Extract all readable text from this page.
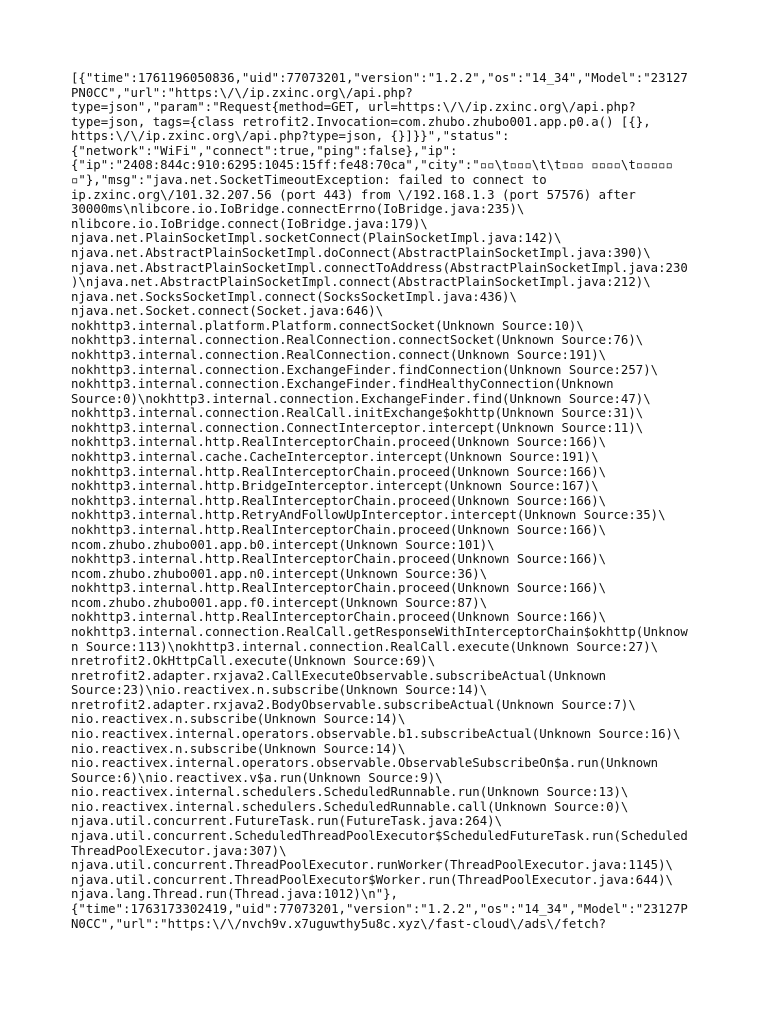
[{"time":1761196050836,"uid":77073201,"version":"1.2.2","os":"14_34","Model":"23127
PN0CC","url":"https:\/\/ip.zxinc.org\/api.php?
type=json","param":"Request{method=GET, url=https:\/\/ip.zxinc.org\/api.php?
type=json, tags={class retrofit2.Invocation=com.zhubo.zhubo001.app.p0.a() [{},
https:\/\/ip.zxinc.org\/api.php?type=json, {}]}}","status":
{"network":"WiFi","connect":true,"ping":false},"ip":
{"ip":"2408:844c:910:6295:1045:15ff:fe48:70ca","city":"▫▫\t▫▫▫\t\t▫▫▫ ▫▫▫▫\t▫▫▫▫▫
▫"},"msg":"java.net.SocketTimeoutException: failed to connect to
ip.zxinc.org\/101.32.207.56 (port 443) from \/192.168.1.3 (port 57576) after
30000ms\nlibcore.io.IoBridge.connectErrno(IoBridge.java:235)\
nlibcore.io.IoBridge.connect(IoBridge.java:179)\
njava.net.PlainSocketImpl.socketConnect(PlainSocketImpl.java:142)\
njava.net.AbstractPlainSocketImpl.doConnect(AbstractPlainSocketImpl.java:390)\
njava.net.AbstractPlainSocketImpl.connectToAddress(AbstractPlainSocketImpl.java:230
)\njava.net.AbstractPlainSocketImpl.connect(AbstractPlainSocketImpl.java:212)\
njava.net.SocksSocketImpl.connect(SocksSocketImpl.java:436)\
njava.net.Socket.connect(Socket.java:646)\
nokhttp3.internal.platform.Platform.connectSocket(Unknown Source:10)\
nokhttp3.internal.connection.RealConnection.connectSocket(Unknown Source:76)\
nokhttp3.internal.connection.RealConnection.connect(Unknown Source:191)\
nokhttp3.internal.connection.ExchangeFinder.findConnection(Unknown Source:257)\
nokhttp3.internal.connection.ExchangeFinder.findHealthyConnection(Unknown
Source:0)\nokhttp3.internal.connection.ExchangeFinder.find(Unknown Source:47)\
nokhttp3.internal.connection.RealCall.initExchange$okhttp(Unknown Source:31)\
nokhttp3.internal.connection.ConnectInterceptor.intercept(Unknown Source:11)\
nokhttp3.internal.http.RealInterceptorChain.proceed(Unknown Source:166)\
nokhttp3.internal.cache.CacheInterceptor.intercept(Unknown Source:191)\
nokhttp3.internal.http.RealInterceptorChain.proceed(Unknown Source:166)\
nokhttp3.internal.http.BridgeInterceptor.intercept(Unknown Source:167)\
nokhttp3.internal.http.RealInterceptorChain.proceed(Unknown Source:166)\
nokhttp3.internal.http.RetryAndFollowUpInterceptor.intercept(Unknown Source:35)\
nokhttp3.internal.http.RealInterceptorChain.proceed(Unknown Source:166)\
ncom.zhubo.zhubo001.app.b0.intercept(Unknown Source:101)\
nokhttp3.internal.http.RealInterceptorChain.proceed(Unknown Source:166)\
ncom.zhubo.zhubo001.app.n0.intercept(Unknown Source:36)\
nokhttp3.internal.http.RealInterceptorChain.proceed(Unknown Source:166)\
ncom.zhubo.zhubo001.app.f0.intercept(Unknown Source:87)\
nokhttp3.internal.http.RealInterceptorChain.proceed(Unknown Source:166)\
nokhttp3.internal.connection.RealCall.getResponseWithInterceptorChain$okhttp(Unknow
n Source:113)\nokhttp3.internal.connection.RealCall.execute(Unknown Source:27)\
nretrofit2.OkHttpCall.execute(Unknown Source:69)\
nretrofit2.adapter.rxjava2.CallExecuteObservable.subscribeActual(Unknown
Source:23)\nio.reactivex.n.subscribe(Unknown Source:14)\
nretrofit2.adapter.rxjava2.BodyObservable.subscribeActual(Unknown Source:7)\
nio.reactivex.n.subscribe(Unknown Source:14)\
nio.reactivex.internal.operators.observable.b1.subscribeActual(Unknown Source:16)\
nio.reactivex.n.subscribe(Unknown Source:14)\
nio.reactivex.internal.operators.observable.ObservableSubscribeOn$a.run(Unknown
Source:6)\nio.reactivex.v$a.run(Unknown Source:9)\
nio.reactivex.internal.schedulers.ScheduledRunnable.run(Unknown Source:13)\
nio.reactivex.internal.schedulers.ScheduledRunnable.call(Unknown Source:0)\
njava.util.concurrent.FutureTask.run(FutureTask.java:264)\
njava.util.concurrent.ScheduledThreadPoolExecutor$ScheduledFutureTask.run(Scheduled
ThreadPoolExecutor.java:307)\
njava.util.concurrent.ThreadPoolExecutor.runWorker(ThreadPoolExecutor.java:1145)\
njava.util.concurrent.ThreadPoolExecutor$Worker.run(ThreadPoolExecutor.java:644)\
njava.lang.Thread.run(Thread.java:1012)\n"},
{"time":1763173302419,"uid":77073201,"version":"1.2.2","os":"14_34","Model":"23127P
N0CC","url":"https:\/\/nvch9v.x7uguwthy5u8c.xyz\/fast-cloud\/ads\/fetch?
